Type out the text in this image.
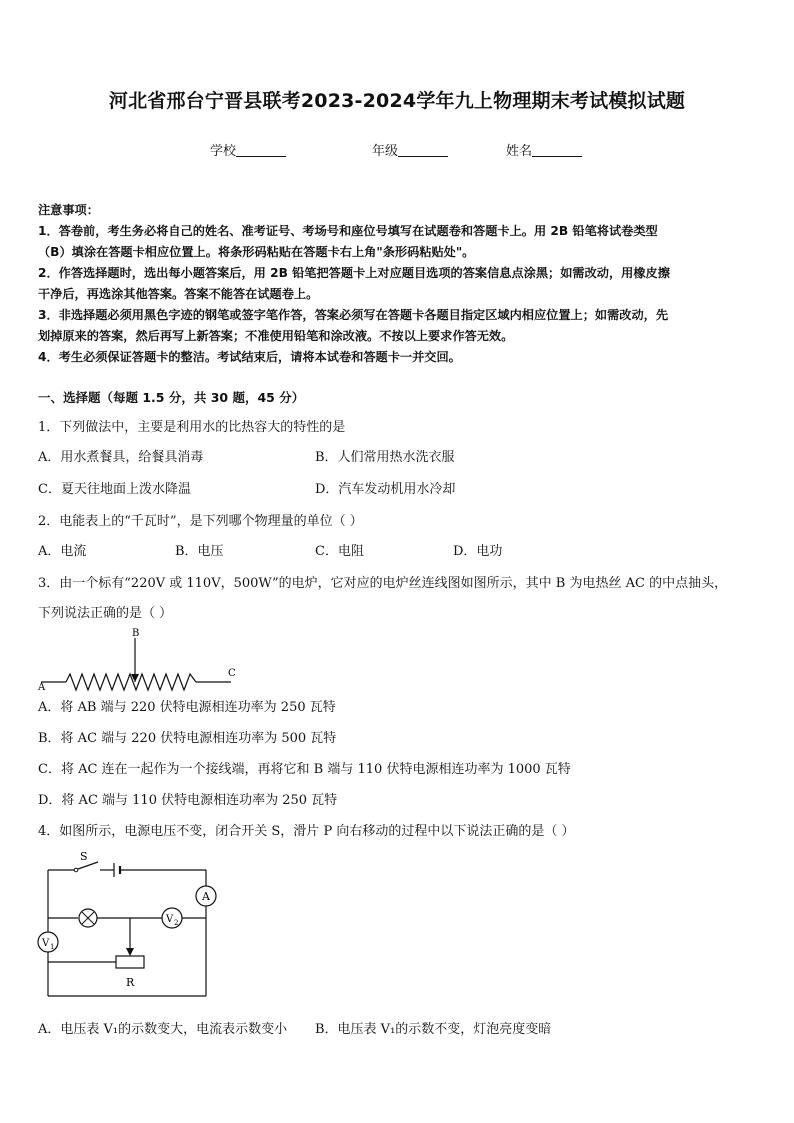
河北省邢台宁晋县联考2023-2024学年九上物理期末考试模拟试题
学校	年级	姓名
注意事项：
1．答卷前，考生务必将自己的姓名、准考证号、考场号和座位号填写在试题卷和答题卡上。用 2B 铅笔将试卷类型
（B）填涂在答题卡相应位置上。将条形码粘贴在答题卡右上角"条形码粘贴处"。
2．作答选择题时，选出每小题答案后，用 2B 铅笔把答题卡上对应题目选项的答案信息点涂黑；如需改动，用橡皮擦
干净后，再选涂其他答案。答案不能答在试题卷上。
3．非选择题必须用黑色字迹的钢笔或签字笔作答，答案必须写在答题卡各题目指定区域内相应位置上；如需改动，先
划掉原来的答案，然后再写上新答案；不准使用铅笔和涂改液。不按以上要求作答无效。
4．考生必须保证答题卡的整洁。考试结束后，请将本试卷和答题卡一并交回。
一、选择题（每题 1.5 分，共 30 题，45 分）
1．下列做法中，主要是利用水的比热容大的特性的是
A．用水煮餐具，给餐具消毒	B．人们常用热水洗衣服
C．夏天往地面上泼水降温	D．汽车发动机用水冷却
2．电能表上的“千瓦时”，是下列哪个物理量的单位（ ）
A．电流	B．电压	C．电阻	D．电功
3．由一个标有“220V 或 110V，500W”的电炉，它对应的电炉丝连线图如图所示，其中 B 为电热丝 AC 的中点抽头，
下列说法正确的是（ ）
A
B
C
A．将 AB 端与 220 伏特电源相连功率为 250 瓦特
B．将 AC 端与 220 伏特电源相连功率为 500 瓦特
C．将 AC 连在一起作为一个接线端，再将它和 B 端与 110 伏特电源相连功率为 1000 瓦特
D．将 AC 端与 110 伏特电源相连功率为 250 瓦特
4．如图所示，电源电压不变，闭合开关 S，滑片 P 向右移动的过程中以下说法正确的是（ ）
S
A
V 1
V 2
R
A．电压表 V₁的示数变大，电流表示数变小 B．电压表 V₁的示数不变，灯泡亮度变暗
